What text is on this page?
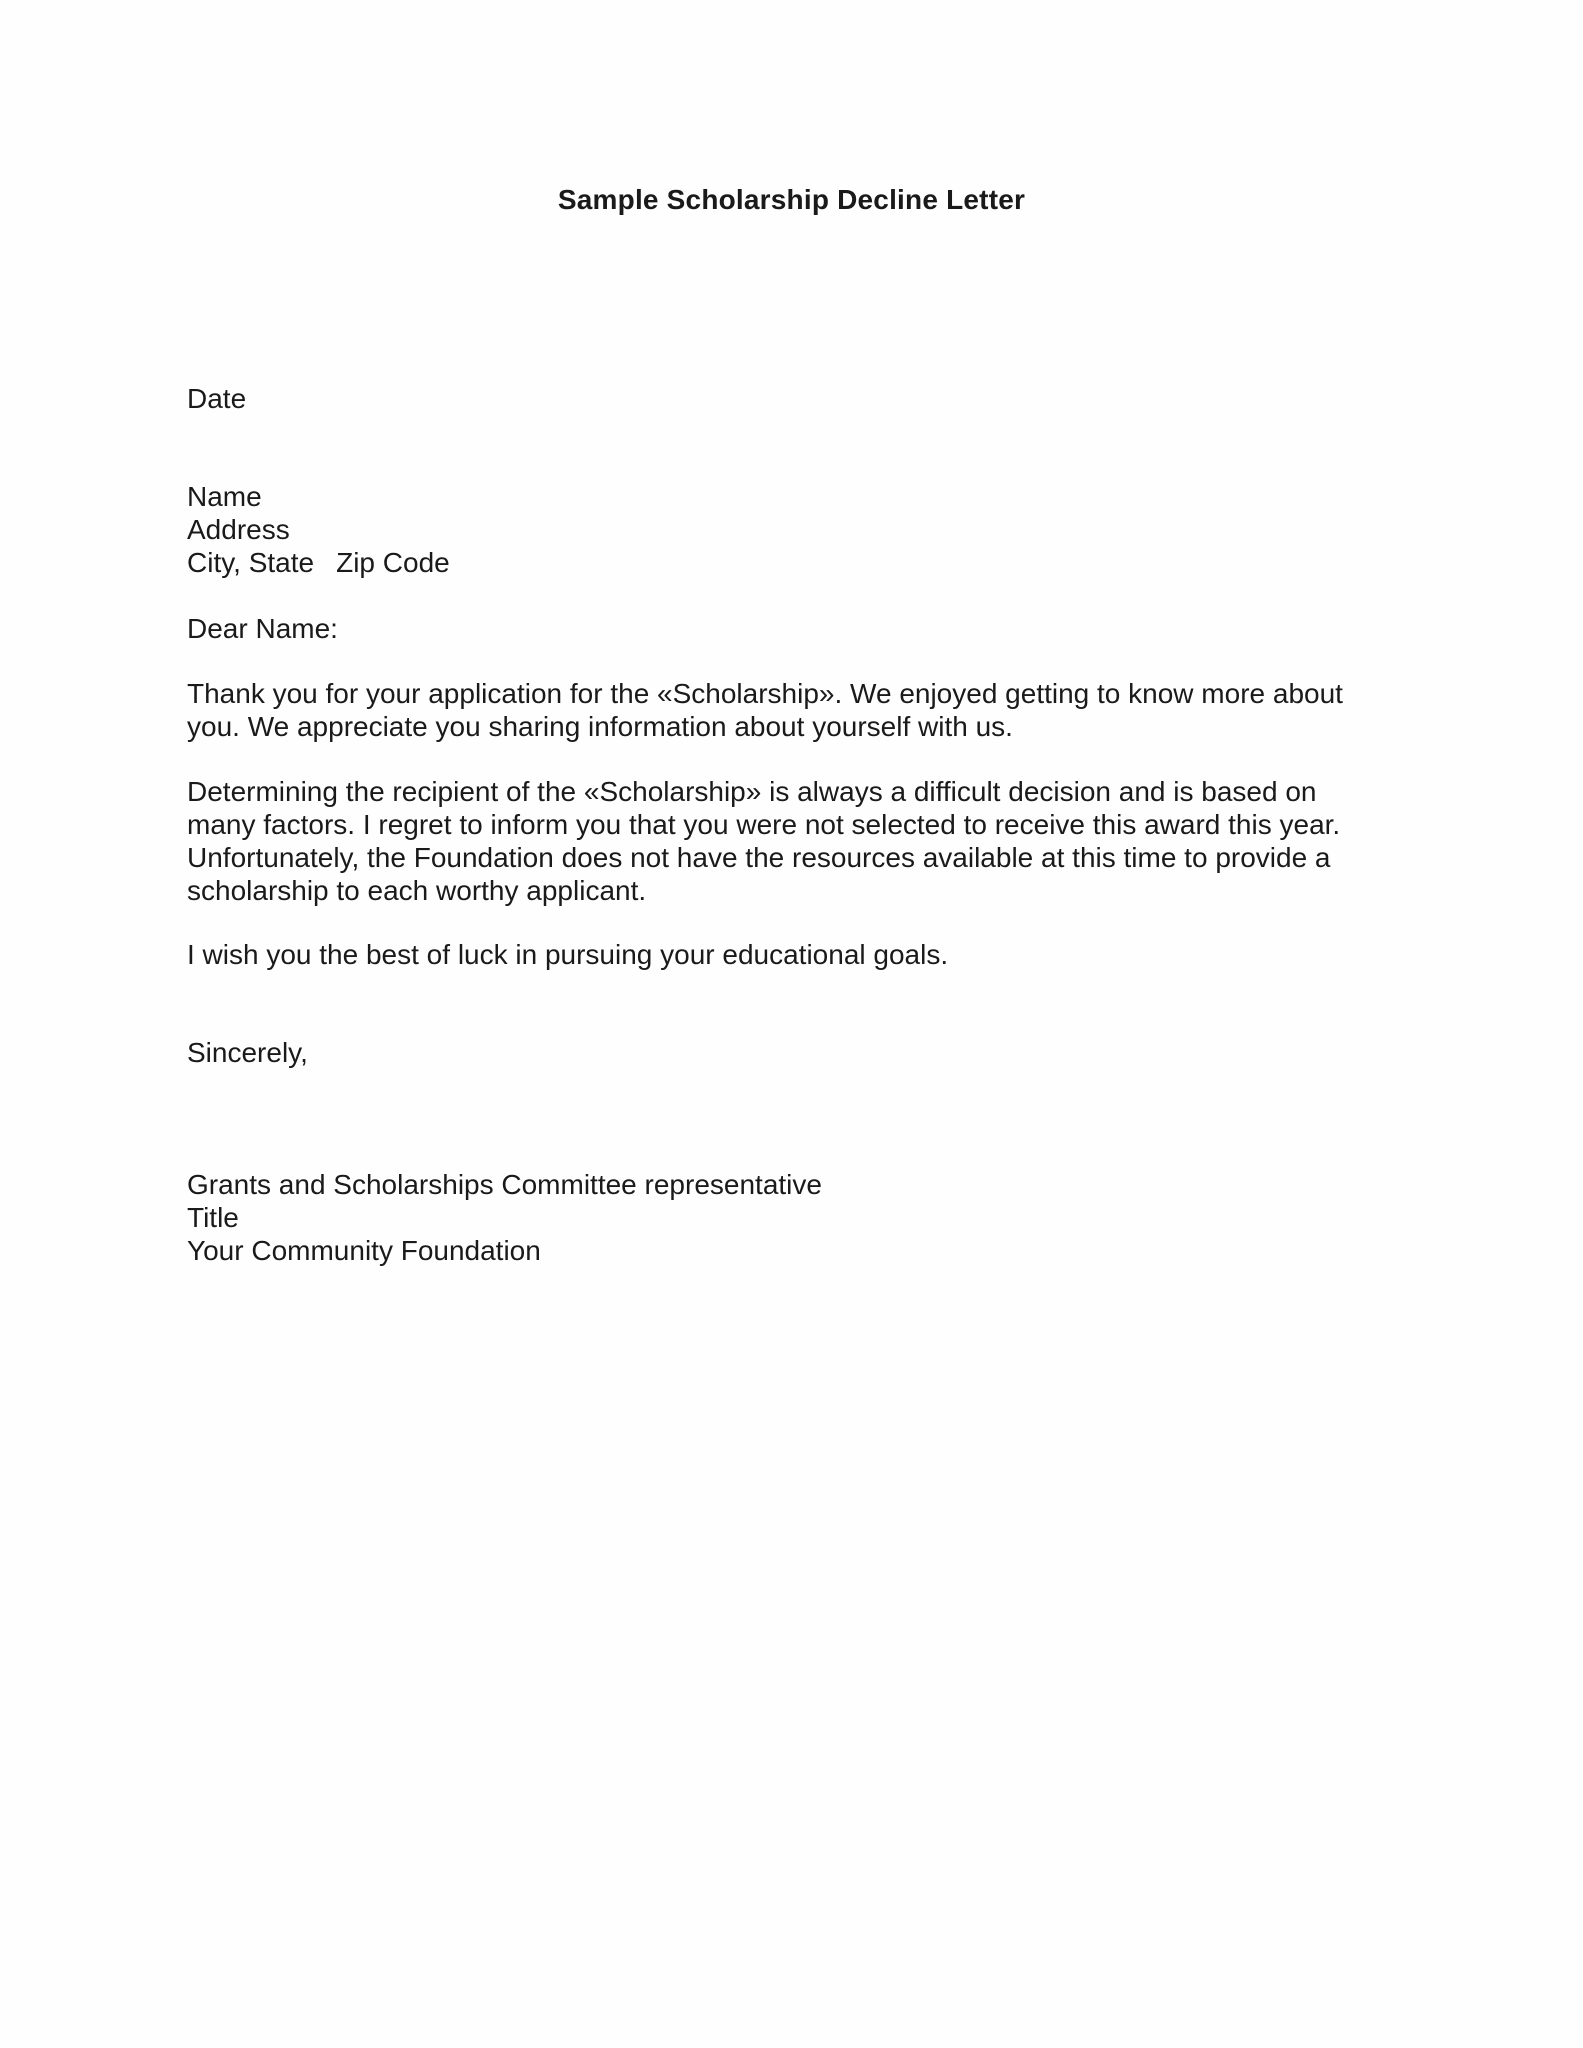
Sample Scholarship Decline Letter
Date
Name
Address
City, State Zip Code
Dear Name:
Thank you for your application for the «Scholarship». We enjoyed getting to know more about
you. We appreciate you sharing information about yourself with us.
Determining the recipient of the «Scholarship» is always a difficult decision and is based on
many factors. I regret to inform you that you were not selected to receive this award this year.
Unfortunately, the Foundation does not have the resources available at this time to provide a
scholarship to each worthy applicant.
I wish you the best of luck in pursuing your educational goals.
Sincerely,
Grants and Scholarships Committee representative
Title
Your Community Foundation
